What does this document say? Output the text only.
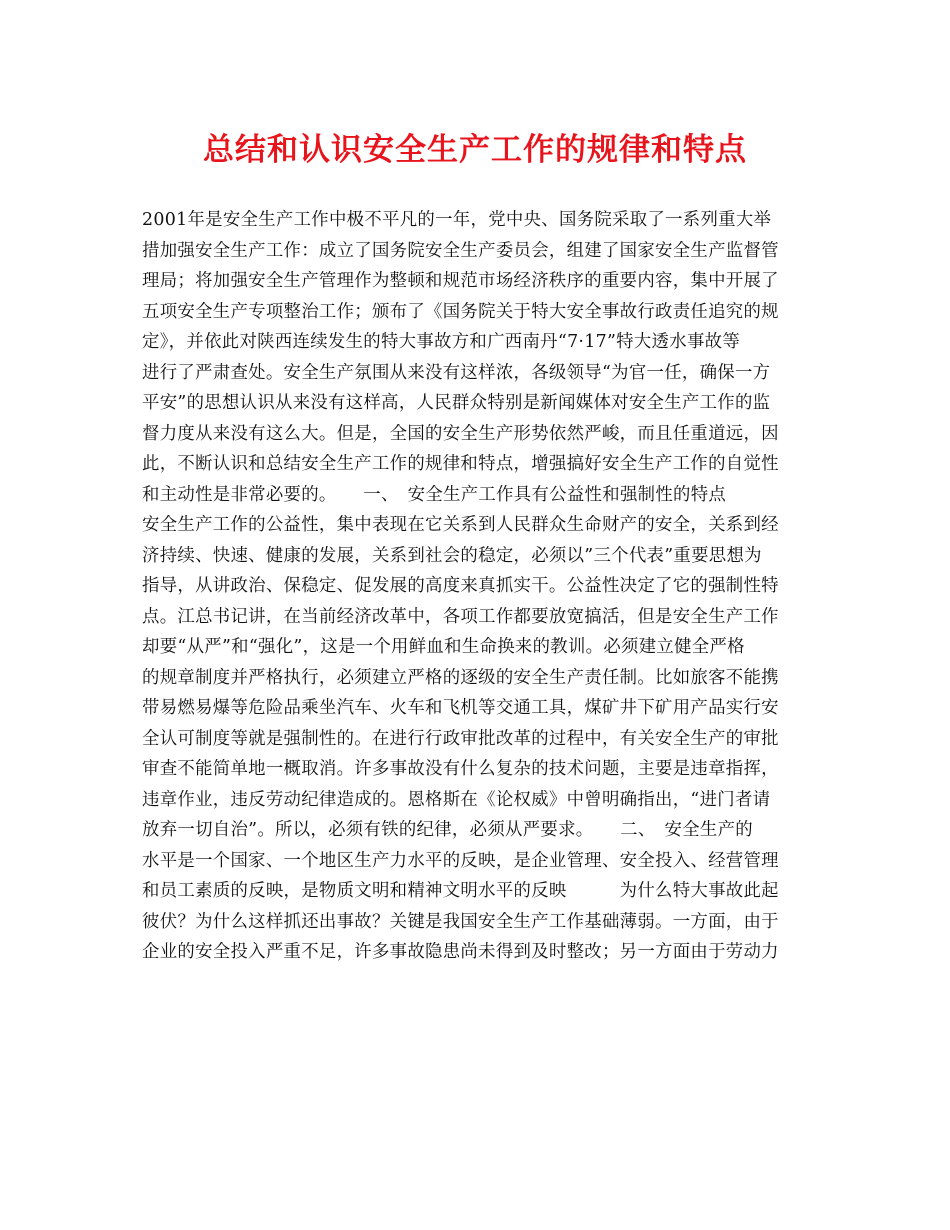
总结和认识安全生产工作的规律和特点
2001年是安全生产工作中极不平凡的一年，党中央、国务院采取了一系列重大举
措加强安全生产工作：成立了国务院安全生产委员会，组建了国家安全生产监督管
理局；将加强安全生产管理作为整顿和规范市场经济秩序的重要内容，集中开展了
五项安全生产专项整治工作；颁布了《国务院关于特大安全事故行政责任追究的规
定》，并依此对陕西连续发生的特大事故方和广西南丹“7·17”特大透水事故等
进行了严肃查处。安全生产氛围从来没有这样浓，各级领导“为官一任，确保一方
平安”的思想认识从来没有这样高，人民群众特别是新闻媒体对安全生产工作的监
督力度从来没有这么大。但是，全国的安全生产形势依然严峻，而且任重道远，因
此，不断认识和总结安全生产工作的规律和特点，增强搞好安全生产工作的自觉性
和主动性是非常必要的。　　一、　安全生产工作具有公益性和强制性的特点
安全生产工作的公益性，集中表现在它关系到人民群众生命财产的安全，关系到经
济持续、快速、健康的发展，关系到社会的稳定，必须以”三个代表”重要思想为
指导，从讲政治、保稳定、促发展的高度来真抓实干。公益性决定了它的强制性特
点。江总书记讲，在当前经济改革中，各项工作都要放宽搞活，但是安全生产工作
却要“从严”和“强化”，这是一个用鲜血和生命换来的教训。必须建立健全严格
的规章制度并严格执行，必须建立严格的逐级的安全生产责任制。比如旅客不能携
带易燃易爆等危险品乘坐汽车、火车和飞机等交通工具，煤矿井下矿用产品实行安
全认可制度等就是强制性的。在进行行政审批改革的过程中，有关安全生产的审批
审查不能简单地一概取消。许多事故没有什么复杂的技术问题，主要是违章指挥，
违章作业，违反劳动纪律造成的。恩格斯在《论权威》中曾明确指出，“进门者请
放弃一切自治”。所以，必须有铁的纪律，必须从严要求。　　二、　安全生产的
水平是一个国家、一个地区生产力水平的反映，是企业管理、安全投入、经营管理
和员工素质的反映，是物质文明和精神文明水平的反映　　　为什么特大事故此起
彼伏？为什么这样抓还出事故？关键是我国安全生产工作基础薄弱。一方面，由于
企业的安全投入严重不足，许多事故隐患尚未得到及时整改；另一方面由于劳动力
